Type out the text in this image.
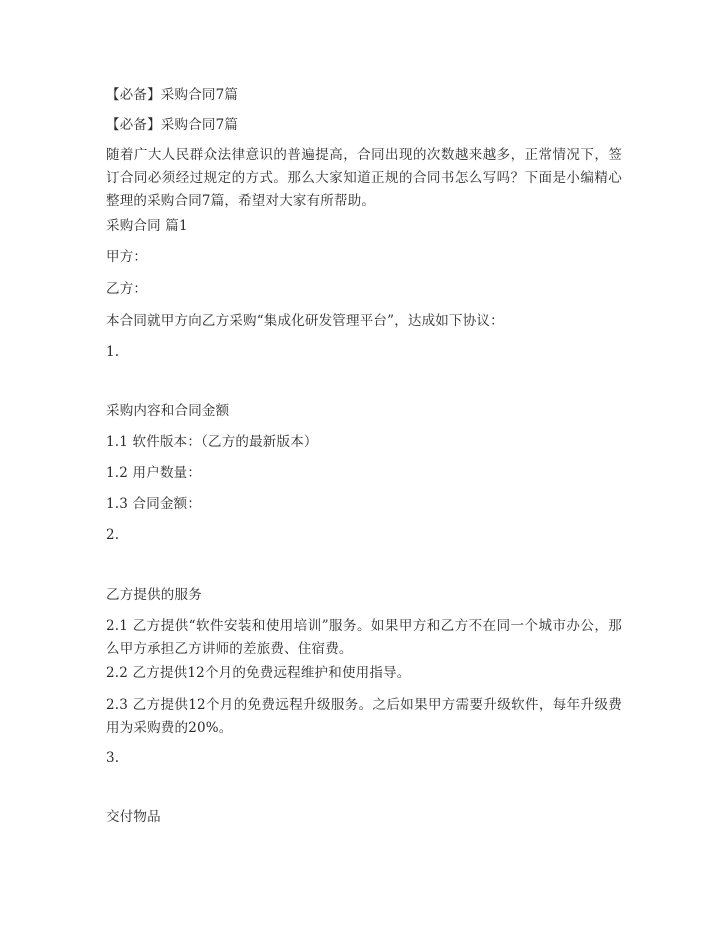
【必备】采购合同7篇
【必备】采购合同7篇
随着广大人民群众法律意识的普遍提高，合同出现的次数越来越多，正常情况下，签订合同必须经过规定的方式。那么大家知道正规的合同书怎么写吗？下面是小编精心整理的采购合同7篇，希望对大家有所帮助。
采购合同 篇1
甲方：
乙方：
本合同就甲方向乙方采购“集成化研发管理平台”，达成如下协议：
1.
采购内容和合同金额
1.1 软件版本：（乙方的最新版本）
1.2 用户数量：
1.3 合同金额：
2.
乙方提供的服务
2.1 乙方提供“软件安装和使用培训”服务。如果甲方和乙方不在同一个城市办公，那么甲方承担乙方讲师的差旅费、住宿费。
2.2 乙方提供12个月的免费远程维护和使用指导。
2.3 乙方提供12个月的免费远程升级服务。之后如果甲方需要升级软件，每年升级费用为采购费的20%。
3.
交付物品
